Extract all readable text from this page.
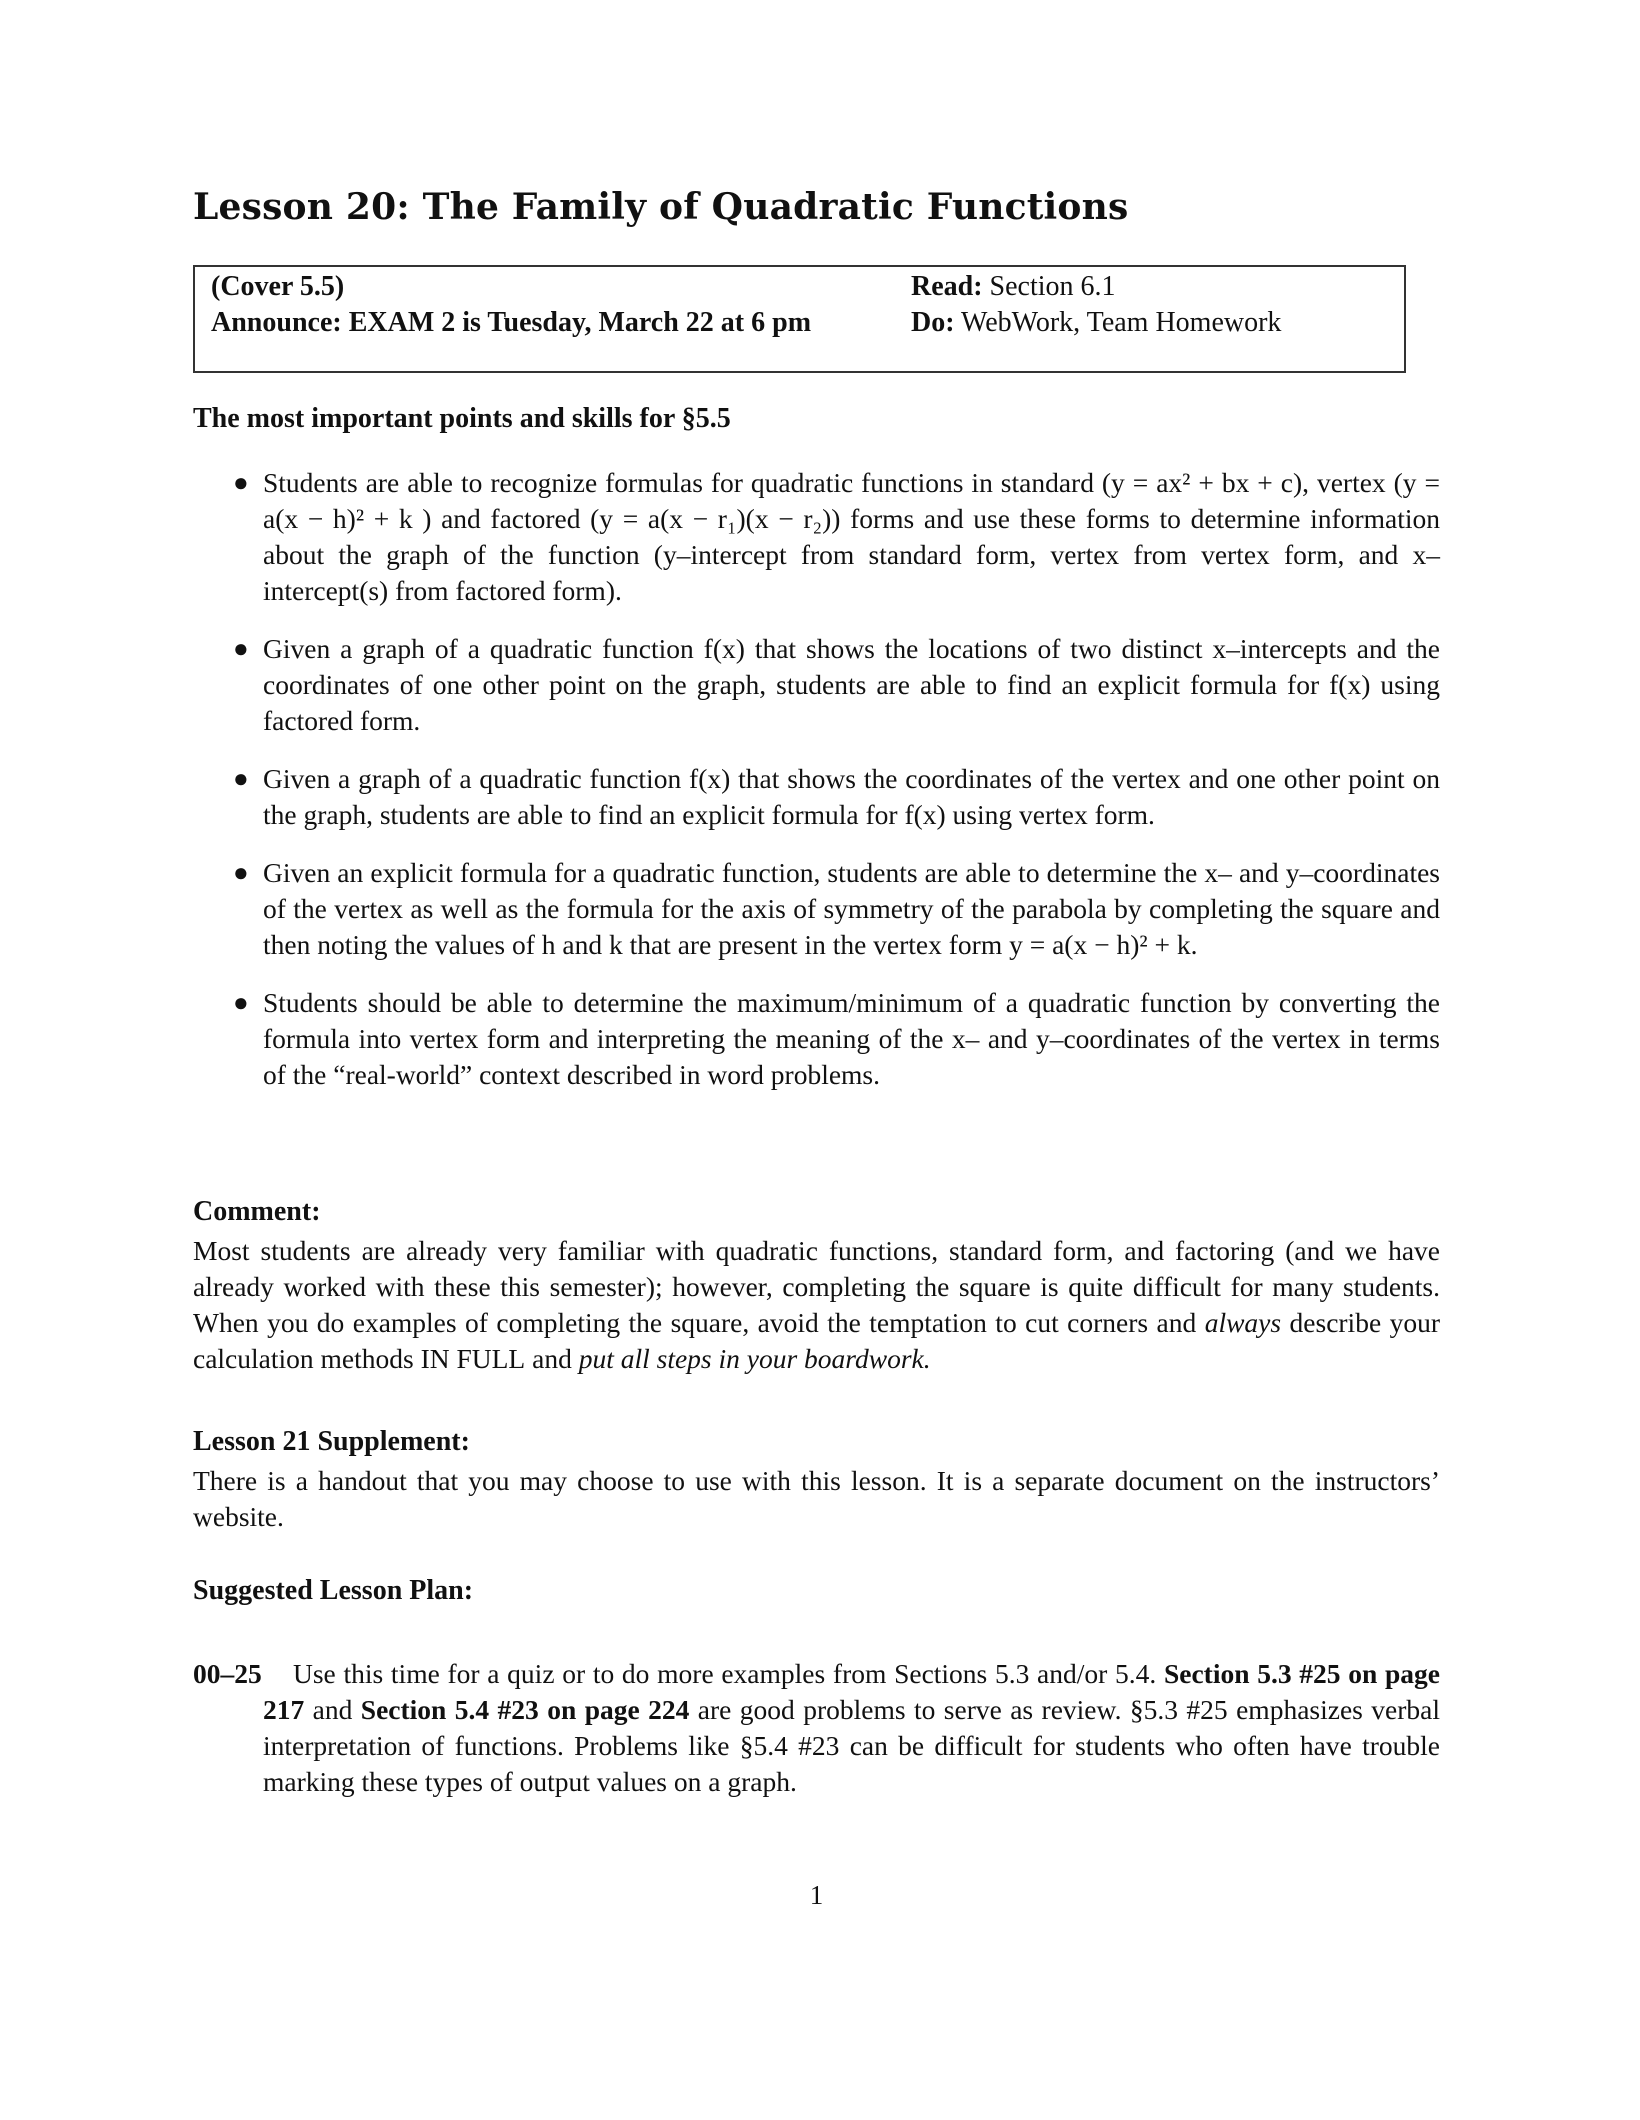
Lesson 20: The Family of Quadratic Functions
(Cover 5.5)
Announce: EXAM 2 is Tuesday, March 22 at 6 pm
Read: Section 6.1
Do: WebWork, Team Homework
The most important points and skills for §5.5
● Students are able to recognize formulas for quadratic functions in standard (y = ax² + bx + c), vertex (y = a(x − h)² + k ) and factored (y = a(x − r₁)(x − r₂)) forms and use these forms to determine information about the graph of the function (y–intercept from standard form, vertex from vertex form, and x–intercept(s) from factored form).
● Given a graph of a quadratic function f(x) that shows the locations of two distinct x–intercepts and the coordinates of one other point on the graph, students are able to find an explicit formula for f(x) using factored form.
● Given a graph of a quadratic function f(x) that shows the coordinates of the vertex and one other point on the graph, students are able to find an explicit formula for f(x) using vertex form.
● Given an explicit formula for a quadratic function, students are able to determine the x– and y–coordinates of the vertex as well as the formula for the axis of symmetry of the parabola by completing the square and then noting the values of h and k that are present in the vertex form y = a(x − h)² + k.
● Students should be able to determine the maximum/minimum of a quadratic function by converting the formula into vertex form and interpreting the meaning of the x– and y–coordinates of the vertex in terms of the “real-world” context described in word problems.
Comment:
Most students are already very familiar with quadratic functions, standard form, and factoring (and we have already worked with these this semester); however, completing the square is quite difficult for many students. When you do examples of completing the square, avoid the temptation to cut corners and always describe your calculation methods IN FULL and put all steps in your boardwork.
Lesson 21 Supplement:
There is a handout that you may choose to use with this lesson. It is a separate document on the instructors’ website.
Suggested Lesson Plan:
00–25	Use this time for a quiz or to do more examples from Sections 5.3 and/or 5.4. Section 5.3 #25 on page 217 and Section 5.4 #23 on page 224 are good problems to serve as review. §5.3 #25 emphasizes verbal interpretation of functions. Problems like §5.4 #23 can be difficult for students who often have trouble marking these types of output values on a graph.
1
